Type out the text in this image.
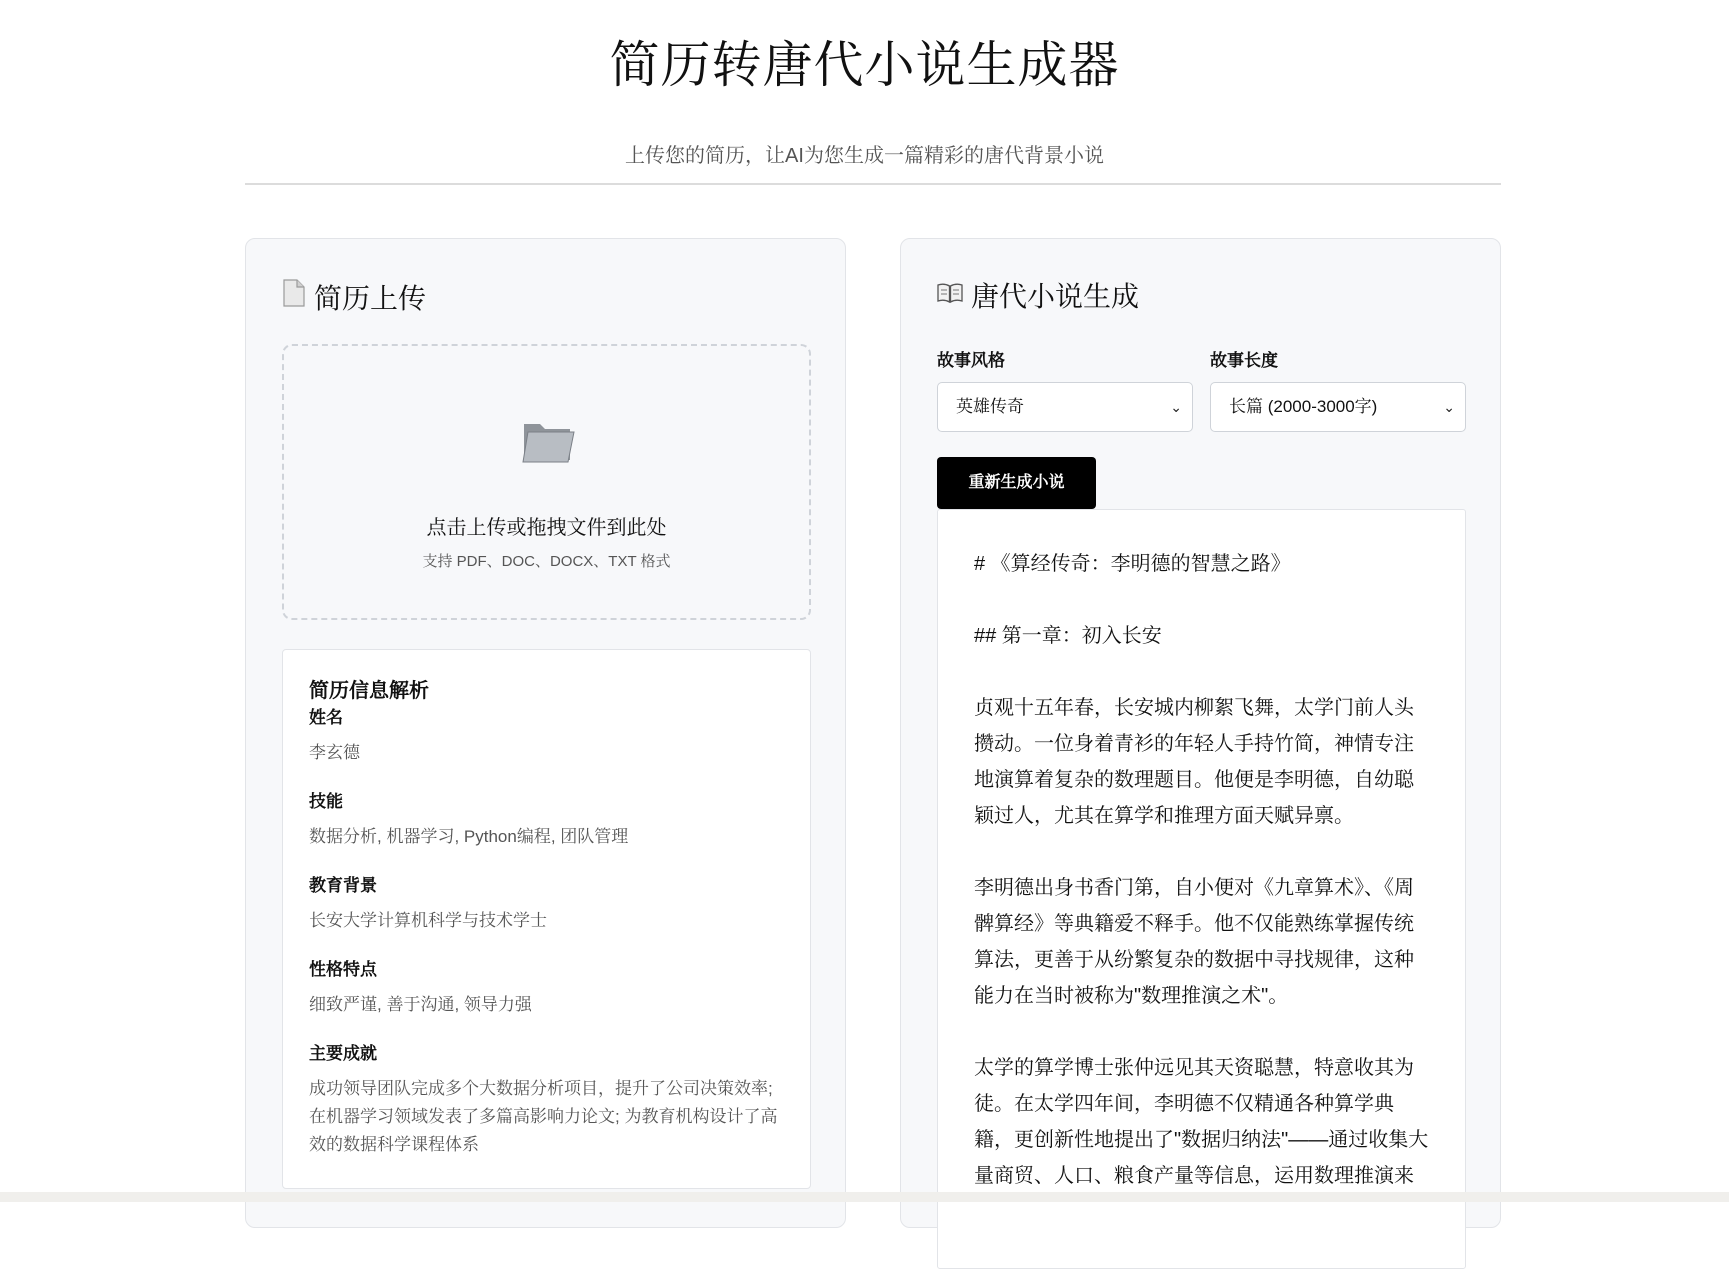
简历转唐代小说生成器

上传您的简历，让AI为您生成一篇精彩的唐代背景小说

简历上传
点击上传或拖拽文件到此处
支持 PDF、DOC、DOCX、TXT 格式
简历信息解析
姓名
李玄德
技能
数据分析, 机器学习, Python编程, 团队管理
教育背景
长安大学计算机科学与技术学士
性格特点
细致严谨, 善于沟通, 领导力强
主要成就
成功领导团队完成多个大数据分析项目，提升了公司决策效率; 在机器学习领域发表了多篇高影响力论文; 为教育机构设计了高效的数据科学课程体系
唐代小说生成
故事风格
英雄传奇	⌄
故事长度
长篇 (2000-3000字)	⌄
重新生成小说
# 《算经传奇：李明德的智慧之路》
## 第一章：初入长安
贞观十五年春，长安城内柳絮飞舞，太学门前人头攒动。一位身着青衫的年轻人手持竹简，神情专注地演算着复杂的数理题目。他便是李明德，自幼聪颖过人，尤其在算学和推理方面天赋异禀。
李明德出身书香门第，自小便对《九章算术》、《周髀算经》等典籍爱不释手。他不仅能熟练掌握传统算法，更善于从纷繁复杂的数据中寻找规律，这种能力在当时被称为"数理推演之术"。
太学的算学博士张仲远见其天资聪慧，特意收其为徒。在太学四年间，李明德不仅精通各种算学典籍，更创新性地提出了"数据归纳法"——通过收集大量商贸、人口、粮食产量等信息，运用数理推演来
